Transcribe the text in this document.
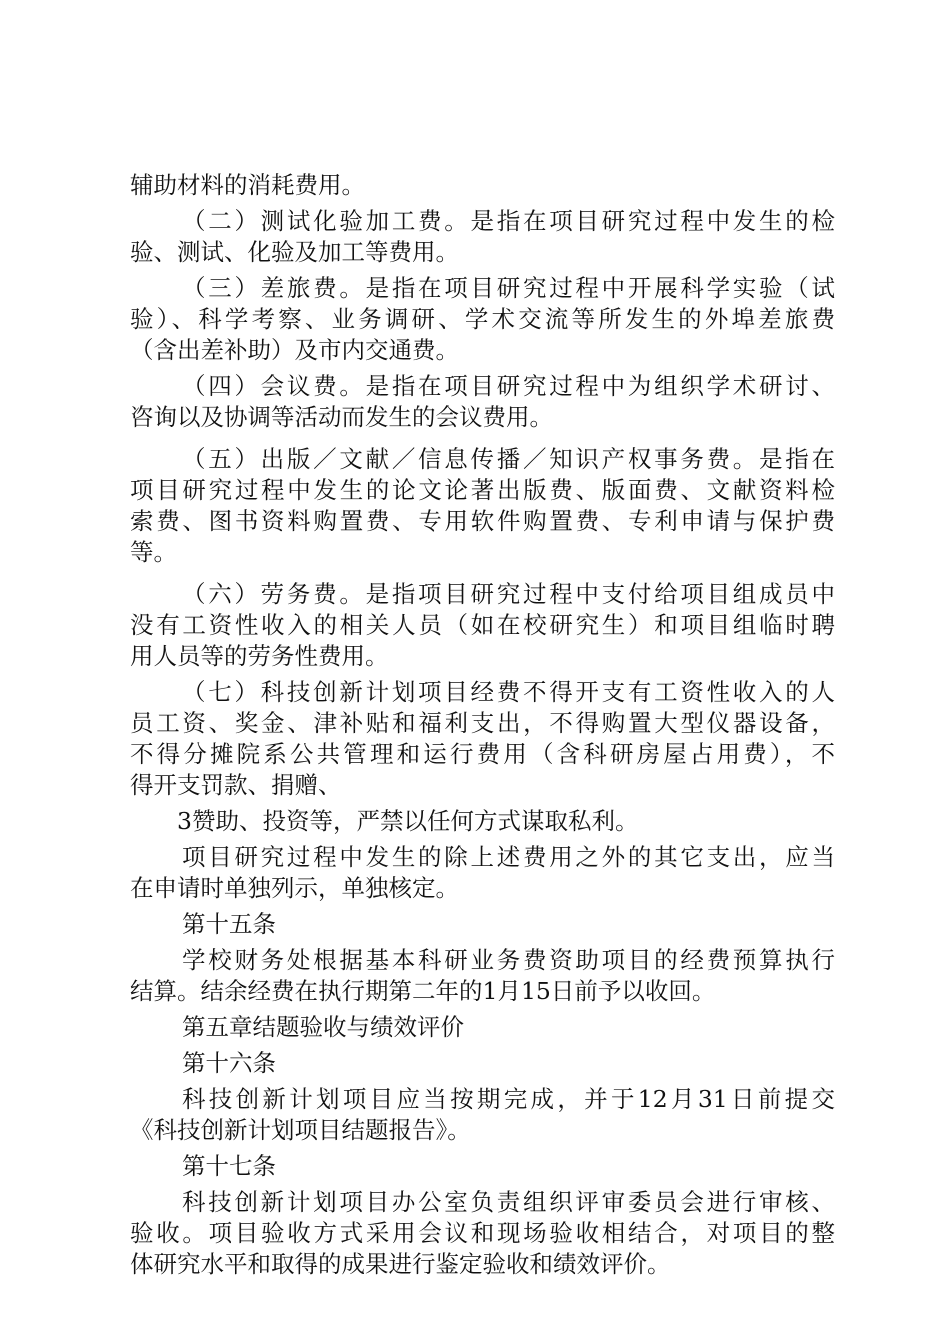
辅助材料的消耗费用。
（二）测试化验加工费。是指在项目研究过程中发生的检
验、测试、化验及加工等费用。
（三）差旅费。是指在项目研究过程中开展科学实验（试
验）、科学考察、业务调研、学术交流等所发生的外埠差旅费
（含出差补助）及市内交通费。
（四）会议费。是指在项目研究过程中为组织学术研讨、
咨询以及协调等活动而发生的会议费用。
（五）出版／文献／信息传播／知识产权事务费。是指在
项目研究过程中发生的论文论著出版费、版面费、文献资料检
索费、图书资料购置费、专用软件购置费、专利申请与保护费
等。
（六）劳务费。是指项目研究过程中支付给项目组成员中
没有工资性收入的相关人员（如在校研究生）和项目组临时聘
用人员等的劳务性费用。
（七）科技创新计划项目经费不得开支有工资性收入的人
员工资、奖金、津补贴和福利支出，不得购置大型仪器设备，
不得分摊院系公共管理和运行费用（含科研房屋占用费），不
得开支罚款、捐赠、
3赞助、投资等，严禁以任何方式谋取私利。
项目研究过程中发生的除上述费用之外的其它支出，应当
在申请时单独列示，单独核定。
第十五条
学校财务处根据基本科研业务费资助项目的经费预算执行
结算。结余经费在执行期第二年的1月15日前予以收回。
第五章结题验收与绩效评价
第十六条
科技创新计划项目应当按期完成，并于12月31日前提交
《科技创新计划项目结题报告》。
第十七条
科技创新计划项目办公室负责组织评审委员会进行审核、
验收。项目验收方式采用会议和现场验收相结合，对项目的整
体研究水平和取得的成果进行鉴定验收和绩效评价。
